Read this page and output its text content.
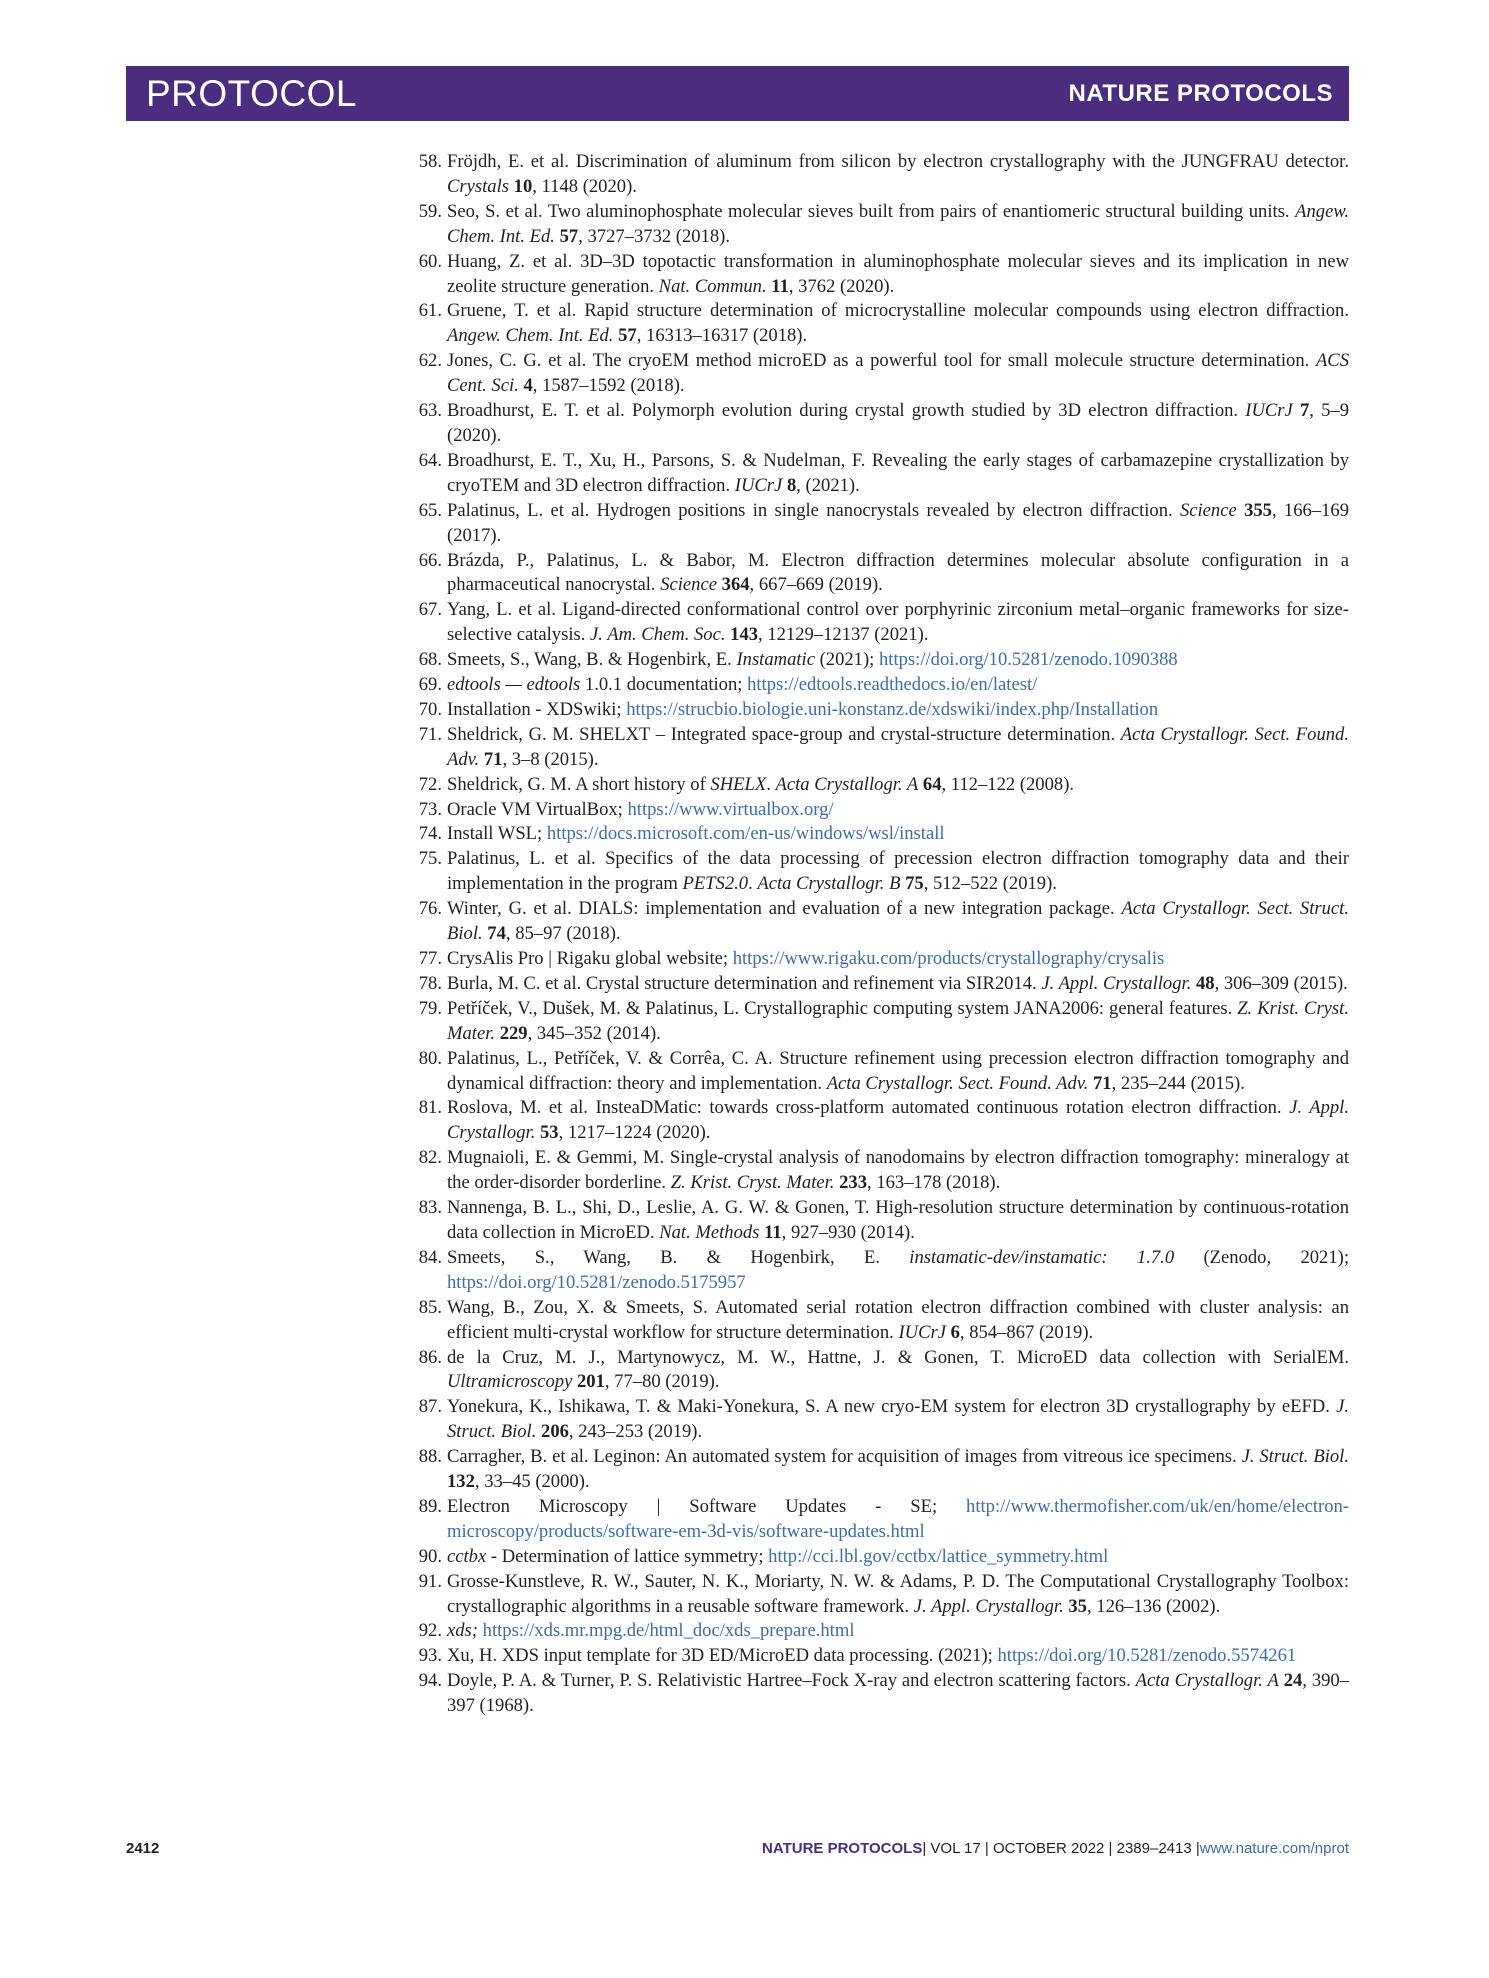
PROTOCOL	NATURE PROTOCOLS
58. Fröjdh, E. et al. Discrimination of aluminum from silicon by electron crystallography with the JUNGFRAU detector. Crystals 10, 1148 (2020).
59. Seo, S. et al. Two aluminophosphate molecular sieves built from pairs of enantiomeric structural building units. Angew. Chem. Int. Ed. 57, 3727–3732 (2018).
60. Huang, Z. et al. 3D–3D topotactic transformation in aluminophosphate molecular sieves and its implication in new zeolite structure generation. Nat. Commun. 11, 3762 (2020).
61. Gruene, T. et al. Rapid structure determination of microcrystalline molecular compounds using electron diffraction. Angew. Chem. Int. Ed. 57, 16313–16317 (2018).
62. Jones, C. G. et al. The cryoEM method microED as a powerful tool for small molecule structure determination. ACS Cent. Sci. 4, 1587–1592 (2018).
63. Broadhurst, E. T. et al. Polymorph evolution during crystal growth studied by 3D electron diffraction. IUCrJ 7, 5–9 (2020).
64. Broadhurst, E. T., Xu, H., Parsons, S. & Nudelman, F. Revealing the early stages of carbamazepine crystallization by cryoTEM and 3D electron diffraction. IUCrJ 8, (2021).
65. Palatinus, L. et al. Hydrogen positions in single nanocrystals revealed by electron diffraction. Science 355, 166–169 (2017).
66. Brázda, P., Palatinus, L. & Babor, M. Electron diffraction determines molecular absolute configuration in a pharmaceutical nanocrystal. Science 364, 667–669 (2019).
67. Yang, L. et al. Ligand-directed conformational control over porphyrinic zirconium metal–organic frameworks for size-selective catalysis. J. Am. Chem. Soc. 143, 12129–12137 (2021).
68. Smeets, S., Wang, B. & Hogenbirk, E. Instamatic (2021); https://doi.org/10.5281/zenodo.1090388
69. edtools — edtools 1.0.1 documentation; https://edtools.readthedocs.io/en/latest/
70. Installation - XDSwiki; https://strucbio.biologie.uni-konstanz.de/xdswiki/index.php/Installation
71. Sheldrick, G. M. SHELXT – Integrated space-group and crystal-structure determination. Acta Crystallogr. Sect. Found. Adv. 71, 3–8 (2015).
72. Sheldrick, G. M. A short history of SHELX. Acta Crystallogr. A 64, 112–122 (2008).
73. Oracle VM VirtualBox; https://www.virtualbox.org/
74. Install WSL; https://docs.microsoft.com/en-us/windows/wsl/install
75. Palatinus, L. et al. Specifics of the data processing of precession electron diffraction tomography data and their implementation in the program PETS2.0. Acta Crystallogr. B 75, 512–522 (2019).
76. Winter, G. et al. DIALS: implementation and evaluation of a new integration package. Acta Crystallogr. Sect. Struct. Biol. 74, 85–97 (2018).
77. CrysAlis Pro | Rigaku global website; https://www.rigaku.com/products/crystallography/crysalis
78. Burla, M. C. et al. Crystal structure determination and refinement via SIR2014. J. Appl. Crystallogr. 48, 306–309 (2015).
79. Petříček, V., Dušek, M. & Palatinus, L. Crystallographic computing system JANA2006: general features. Z. Krist. Cryst. Mater. 229, 345–352 (2014).
80. Palatinus, L., Petříček, V. & Corrêa, C. A. Structure refinement using precession electron diffraction tomography and dynamical diffraction: theory and implementation. Acta Crystallogr. Sect. Found. Adv. 71, 235–244 (2015).
81. Roslova, M. et al. InsteaDMatic: towards cross-platform automated continuous rotation electron diffraction. J. Appl. Crystallogr. 53, 1217–1224 (2020).
82. Mugnaioli, E. & Gemmi, M. Single-crystal analysis of nanodomains by electron diffraction tomography: mineralogy at the order-disorder borderline. Z. Krist. Cryst. Mater. 233, 163–178 (2018).
83. Nannenga, B. L., Shi, D., Leslie, A. G. W. & Gonen, T. High-resolution structure determination by continuous-rotation data collection in MicroED. Nat. Methods 11, 927–930 (2014).
84. Smeets, S., Wang, B. & Hogenbirk, E. instamatic-dev/instamatic: 1.7.0 (Zenodo, 2021); https://doi.org/10.5281/zenodo.5175957
85. Wang, B., Zou, X. & Smeets, S. Automated serial rotation electron diffraction combined with cluster analysis: an efficient multi-crystal workflow for structure determination. IUCrJ 6, 854–867 (2019).
86. de la Cruz, M. J., Martynowycz, M. W., Hattne, J. & Gonen, T. MicroED data collection with SerialEM. Ultramicroscopy 201, 77–80 (2019).
87. Yonekura, K., Ishikawa, T. & Maki-Yonekura, S. A new cryo-EM system for electron 3D crystallography by eEFD. J. Struct. Biol. 206, 243–253 (2019).
88. Carragher, B. et al. Leginon: An automated system for acquisition of images from vitreous ice specimens. J. Struct. Biol. 132, 33–45 (2000).
89. Electron Microscopy | Software Updates - SE; http://www.thermofisher.com/uk/en/home/electron-microscopy/products/software-em-3d-vis/software-updates.html
90. cctbx - Determination of lattice symmetry; http://cci.lbl.gov/cctbx/lattice_symmetry.html
91. Grosse-Kunstleve, R. W., Sauter, N. K., Moriarty, N. W. & Adams, P. D. The Computational Crystallography Toolbox: crystallographic algorithms in a reusable software framework. J. Appl. Crystallogr. 35, 126–136 (2002).
92. xds; https://xds.mr.mpg.de/html_doc/xds_prepare.html
93. Xu, H. XDS input template for 3D ED/MicroED data processing. (2021); https://doi.org/10.5281/zenodo.5574261
94. Doyle, P. A. & Turner, P. S. Relativistic Hartree–Fock X-ray and electron scattering factors. Acta Crystallogr. A 24, 390–397 (1968).
2412	NATURE PROTOCOLS| VOL 17 | OCTOBER 2022 | 2389–2413 |www.nature.com/nprot
